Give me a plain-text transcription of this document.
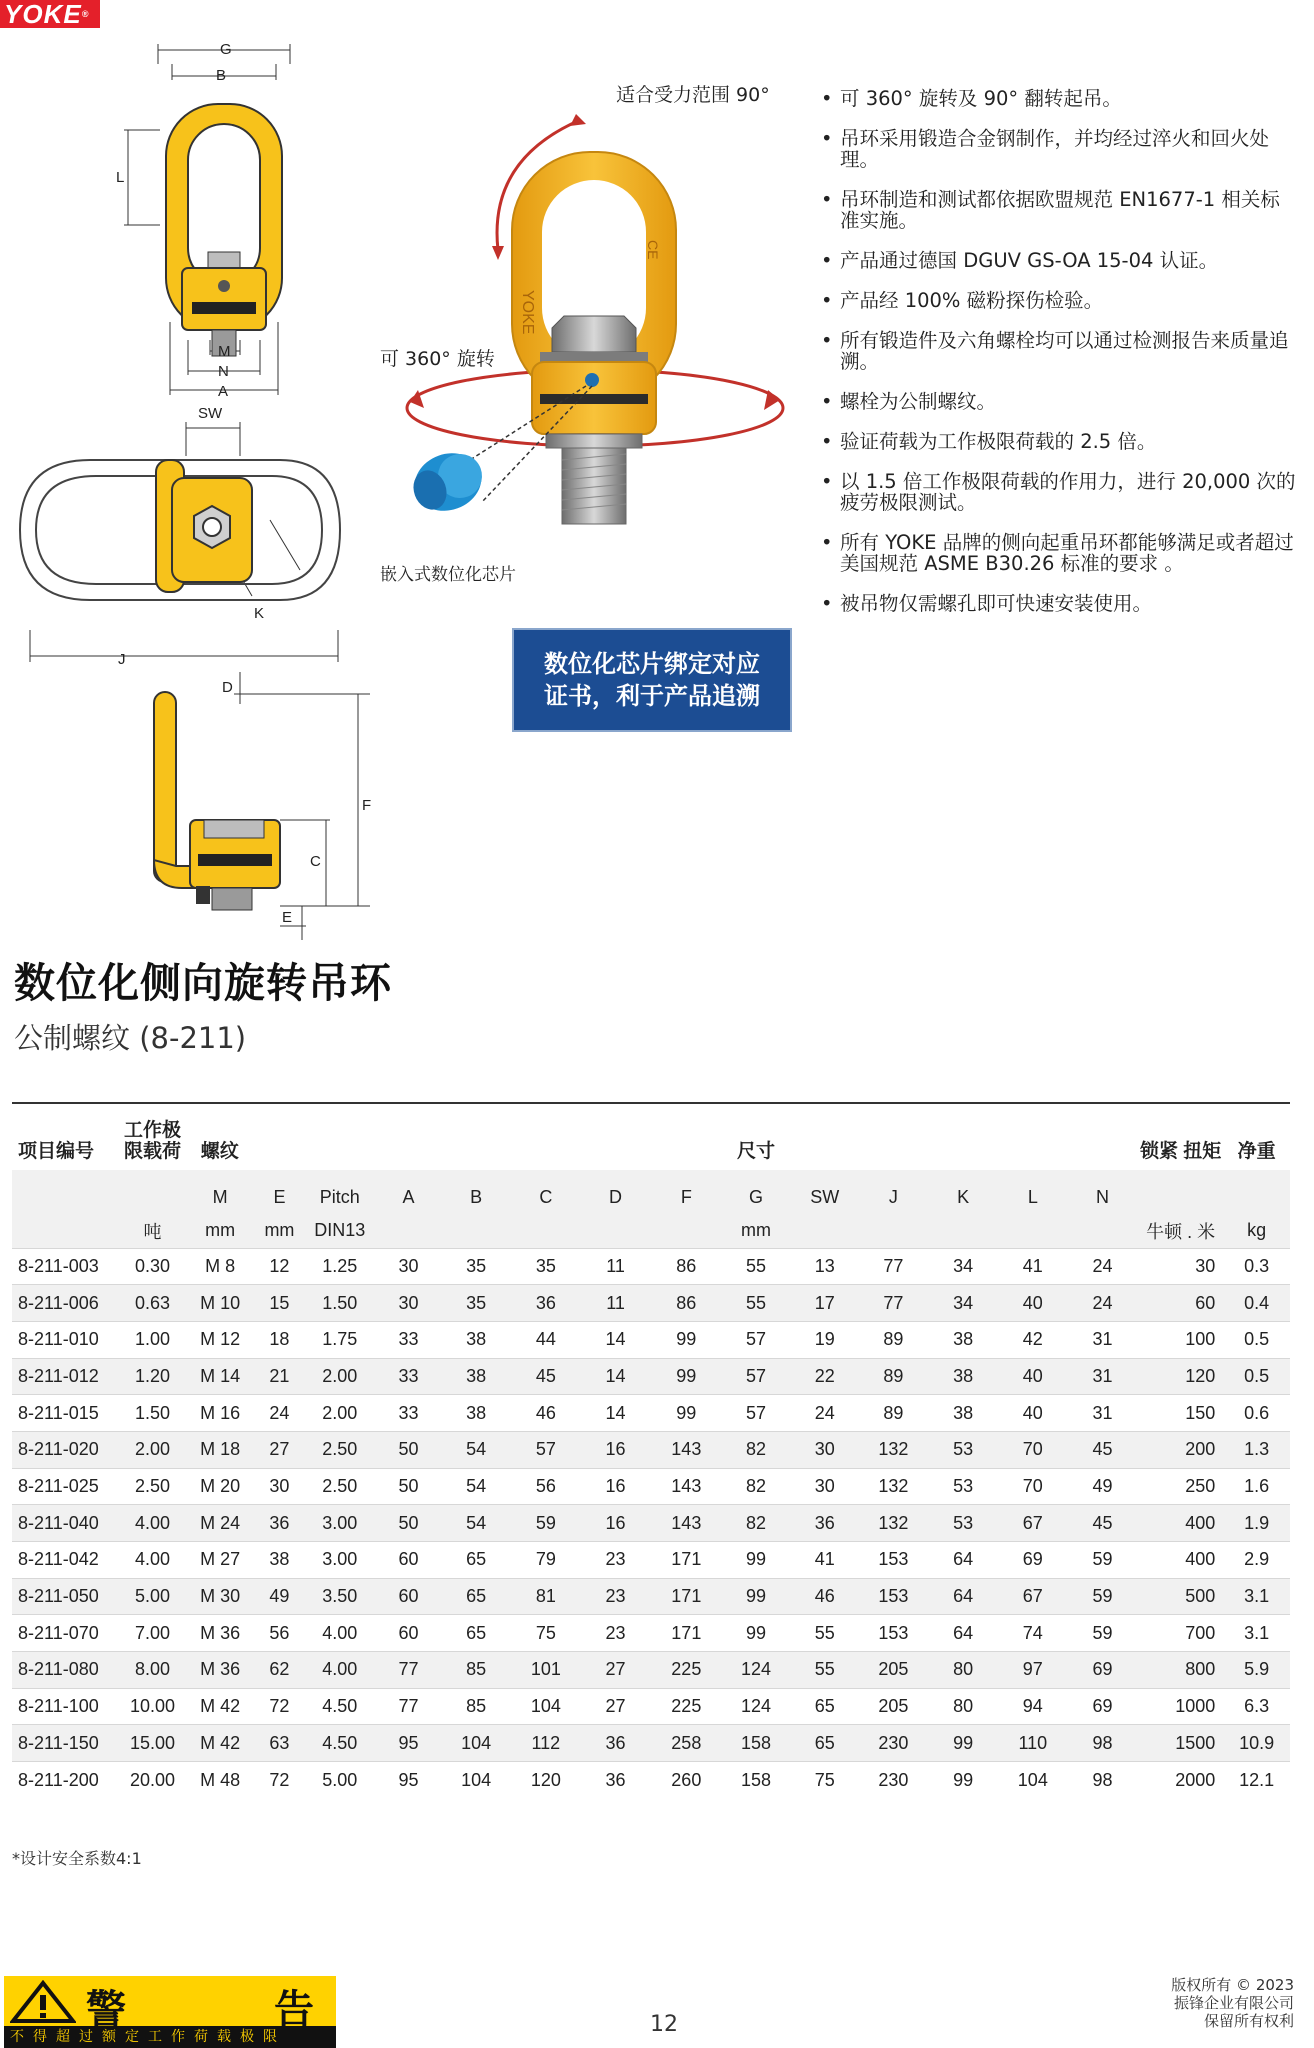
YOKE®
G
B
L
M
N
A
SW
K
J
D
F
C
E
YOKE
CE
适合受力范围 90°
可 360° 旋转
嵌入式数位化芯片
• 可 360° 旋转及 90° 翻转起吊。
• 吊环采用锻造合金钢制作，并均经过淬火和回火处理。
• 吊环制造和测试都依据欧盟规范 EN1677-1 相关标准实施。
• 产品通过德国 DGUV GS-OA 15-04 认证。
• 产品经 100% 磁粉探伤检验。
• 所有锻造件及六角螺栓均可以通过检测报告来质量追溯。
• 螺栓为公制螺纹。
• 验证荷载为工作极限荷载的 2.5 倍。
• 以 1.5 倍工作极限荷载的作用力，进行 20,000 次的疲劳极限测试。
• 所有 YOKE 品牌的侧向起重吊环都能够满足或者超过美国规范 ASME B30.26 标准的要求 。
• 被吊物仅需螺孔即可快速安装使用。
数位化芯片绑定对应
证书，利于产品追溯
数位化侧向旋转吊环
公制螺纹 (8-211)
项目编号	工作极 限载荷	螺纹								尺寸						锁紧 扭矩	净重
		M	E	Pitch	A	B	C	D	F	G	SW	J	K	L	N		
	吨	mm	mm	DIN13						mm						牛顿 . 米	kg
8-211-003	0.30	M 8	12	1.25	30	35	35	11	86	55	13	77	34	41	24	30	0.3
8-211-006	0.63	M 10	15	1.50	30	35	36	11	86	55	17	77	34	40	24	60	0.4
8-211-010	1.00	M 12	18	1.75	33	38	44	14	99	57	19	89	38	42	31	100	0.5
8-211-012	1.20	M 14	21	2.00	33	38	45	14	99	57	22	89	38	40	31	120	0.5
8-211-015	1.50	M 16	24	2.00	33	38	46	14	99	57	24	89	38	40	31	150	0.6
8-211-020	2.00	M 18	27	2.50	50	54	57	16	143	82	30	132	53	70	45	200	1.3
8-211-025	2.50	M 20	30	2.50	50	54	56	16	143	82	30	132	53	70	49	250	1.6
8-211-040	4.00	M 24	36	3.00	50	54	59	16	143	82	36	132	53	67	45	400	1.9
8-211-042	4.00	M 27	38	3.00	60	65	79	23	171	99	41	153	64	69	59	400	2.9
8-211-050	5.00	M 30	49	3.50	60	65	81	23	171	99	46	153	64	67	59	500	3.1
8-211-070	7.00	M 36	56	4.00	60	65	75	23	171	99	55	153	64	74	59	700	3.1
8-211-080	8.00	M 36	62	4.00	77	85	101	27	225	124	55	205	80	97	69	800	5.9
8-211-100	10.00	M 42	72	4.50	77	85	104	27	225	124	65	205	80	94	69	1000	6.3
8-211-150	15.00	M 42	63	4.50	95	104	112	36	258	158	65	230	99	110	98	1500	10.9
8-211-200	20.00	M 48	72	5.00	95	104	120	36	260	158	75	230	99	104	98	2000	12.1
*设计安全系数4:1
警	告
不得超过额定工作荷载极限	12
版权所有 © 2023
振锋企业有限公司
保留所有权利
